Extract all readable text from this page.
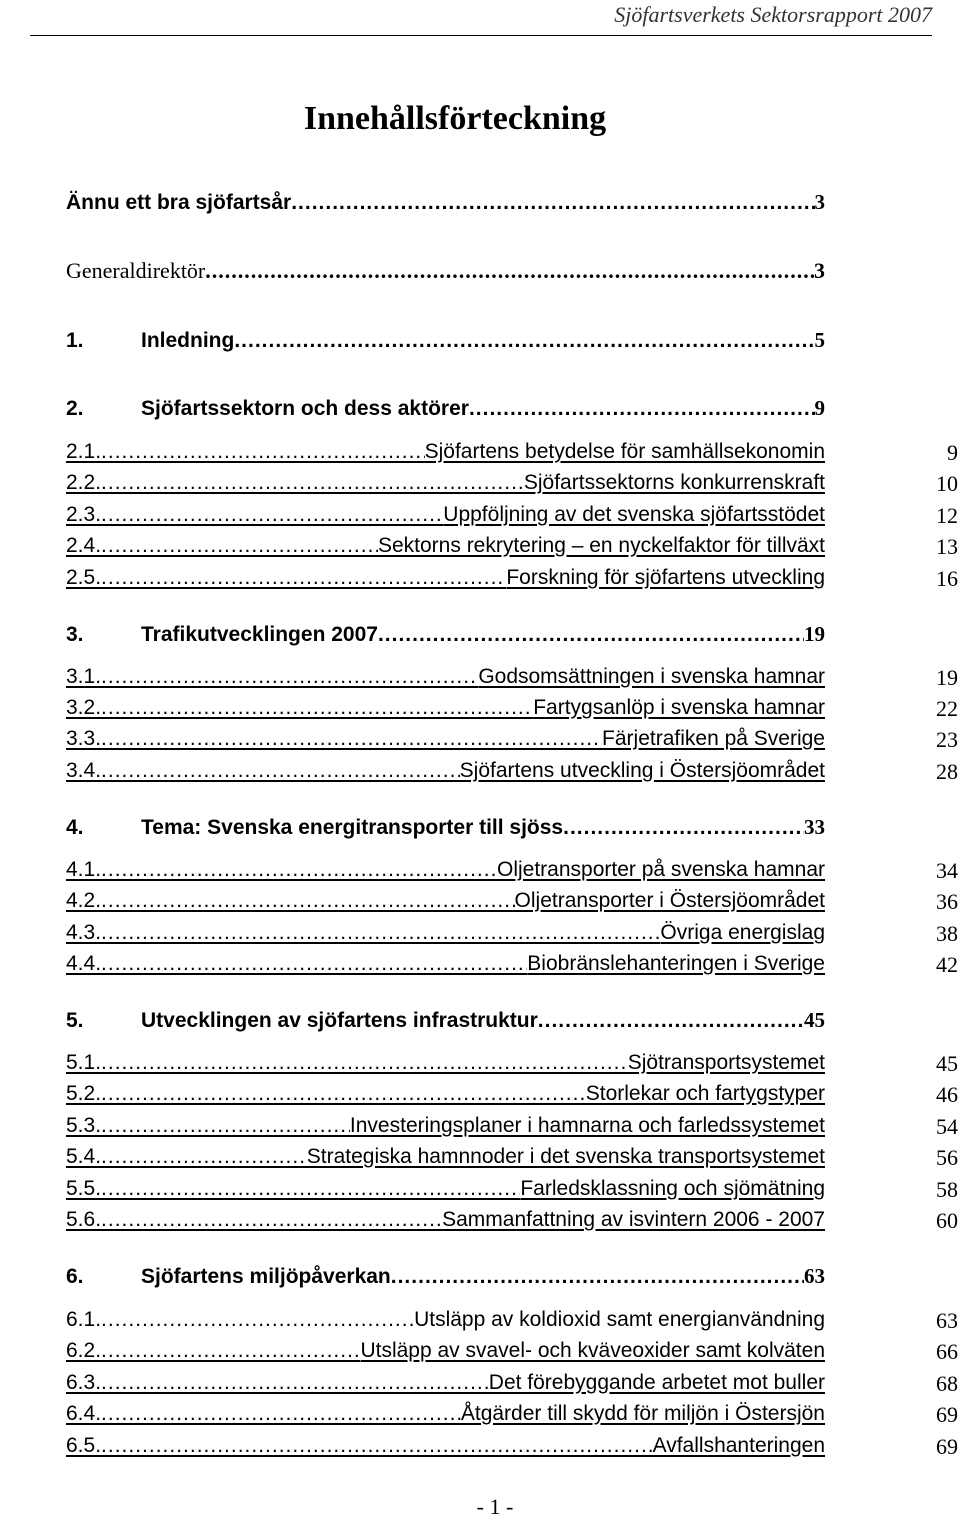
Sjöfartsverkets Sektorsrapport 2007
Innehållsförteckning
Ännu ett bra sjöfartsår .....	3
Generaldirektör .....	3
1.	Inledning .....	5
2.	Sjöfartssektorn och dess aktörer .....	9
2.1. .....	Sjöfartens betydelse för samhällsekonomin	9
2.2. .....	Sjöfartssektorns konkurrenskraft	10
2.3. .....	Uppföljning av det svenska sjöfartsstödet	12
2.4. .....	Sektorns rekrytering – en nyckelfaktor för tillväxt	13
2.5. .....	Forskning för sjöfartens utveckling	16
3.	Trafikutvecklingen 2007 .....	19
3.1. .....	Godsomsättningen i svenska hamnar	19
3.2. .....	Fartygsanlöp i svenska hamnar	22
3.3. .....	Färjetrafiken på Sverige	23
3.4. .....	Sjöfartens utveckling i Östersjöområdet	28
4.	Tema: Svenska energitransporter till sjöss .....	33
4.1. .....	Oljetransporter på svenska hamnar	34
4.2. .....	Oljetransporter i Östersjöområdet	36
4.3. .....	Övriga energislag	38
4.4. .....	Biobränslehanteringen i Sverige	42
5.	Utvecklingen av sjöfartens infrastruktur .....	45
5.1. .....	Sjötransportsystemet	45
5.2. .....	Storlekar och fartygstyper	46
5.3. .....	Investeringsplaner i hamnarna och farledssystemet	54
5.4. .....	Strategiska hamnnoder i det svenska transportsystemet	56
5.5. .....	Farledsklassning och sjömätning	58
5.6. .....	Sammanfattning av isvintern 2006 - 2007	60
6.	Sjöfartens miljöpåverkan .....	63
6.1. .....	Utsläpp av koldioxid samt energianvändning	63
6.2. .....	Utsläpp av svavel- och kväveoxider samt kolväten	66
6.3. .....	Det förebyggande arbetet mot buller	68
6.4. .....	Åtgärder till skydd för miljön i Östersjön	69
6.5. .....	Avfallshanteringen	69
- 1 -
